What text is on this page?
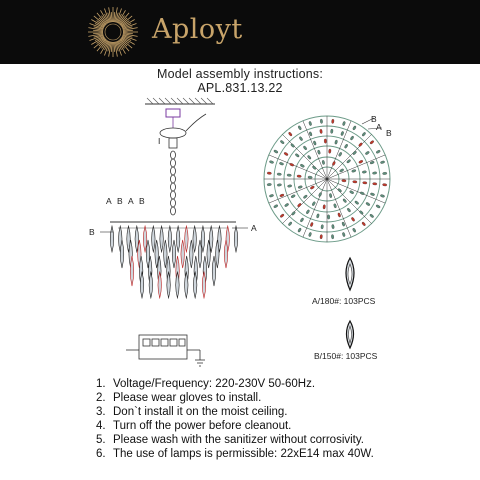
Aployt
Model assembly instructions:
APL.831.13.22
A B A B
B	A
I
B
A
B
A/180#: 103PCS
B/150#: 103PCS
1. Voltage/Frequency: 220-230V 50-60Hz.
2. Please wear gloves to install.
3. Don`t install it on the moist ceiling.
4. Turn off the power before cleanout.
5. Please wash with the sanitizer without corrosivity.
6. The use of lamps is permissible: 22xE14 max 40W.
